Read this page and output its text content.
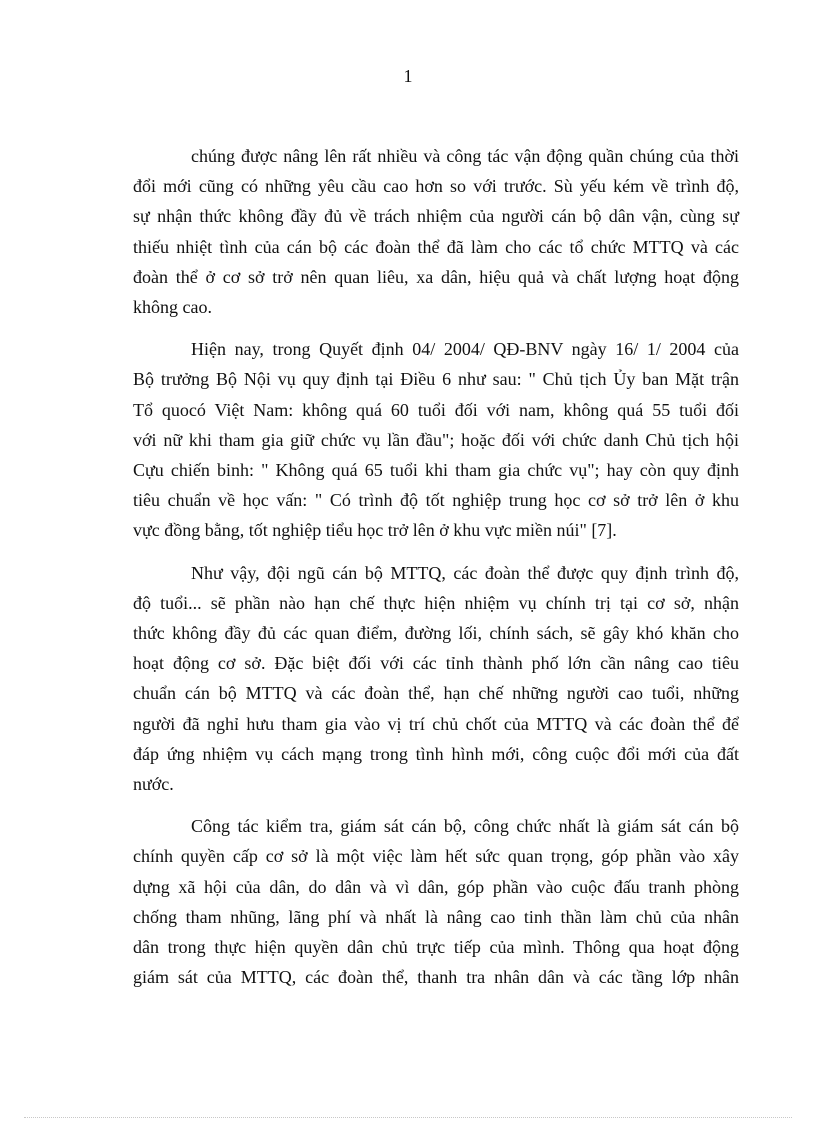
1

chúng được nâng lên rất nhiều và công tác vận động quần chúng của thời
đổi mới cũng có những yêu cầu cao hơn so với trước. Sù yếu kém về trình độ,
sự nhận thức không đầy đủ về trách nhiệm của người cán bộ dân vận, cùng sự
thiếu nhiệt tình của cán bộ các đoàn thể đã làm cho các tổ chức MTTQ và các
đoàn thể ở cơ sở trở nên quan liêu, xa dân, hiệu quả và chất lượng hoạt động
không cao.

Hiện nay, trong Quyết định 04/ 2004/ QĐ-BNV ngày 16/ 1/ 2004 của
Bộ trưởng Bộ Nội vụ quy định tại Điều 6 như sau: " Chủ tịch Ủy ban Mặt trận
Tổ quocó Việt Nam: không quá 60 tuổi đối với nam, không quá 55 tuổi đối
với nữ khi tham gia giữ chức vụ lần đầu"; hoặc đối với chức danh Chủ tịch hội
Cựu chiến binh: " Không quá 65 tuổi khi tham gia chức vụ"; hay còn quy định
tiêu chuẩn về học vấn: " Có trình độ tốt nghiệp trung học cơ sở trở lên ở khu
vực đồng bằng, tốt nghiệp tiểu học trở lên ở khu vực miền núi" [7].

Như vậy, đội ngũ cán bộ MTTQ, các đoàn thể được quy định trình độ,
độ tuổi... sẽ phần nào hạn chế thực hiện nhiệm vụ chính trị tại cơ sở, nhận
thức không đầy đủ các quan điểm, đường lối, chính sách, sẽ gây khó khăn cho
hoạt động cơ sở. Đặc biệt đối với các tỉnh thành phố lớn cần nâng cao tiêu
chuẩn cán bộ MTTQ và các đoàn thể, hạn chế những người cao tuổi, những
người đã nghỉ hưu tham gia vào vị trí chủ chốt của MTTQ và các đoàn thể để
đáp ứng nhiệm vụ cách mạng trong tình hình mới, công cuộc đổi mới của đất
nước.

Công tác kiểm tra, giám sát cán bộ, công chức nhất là giám sát cán bộ
chính quyền cấp cơ sở là một việc làm hết sức quan trọng, góp phần vào xây
dựng xã hội của dân, do dân và vì dân, góp phần vào cuộc đấu tranh phòng
chống tham nhũng, lãng phí và nhất là nâng cao tinh thần làm chủ của nhân
dân trong thực hiện quyền dân chủ trực tiếp của mình. Thông qua hoạt động
giám sát của MTTQ, các đoàn thể, thanh tra nhân dân và các tầng lớp nhân
